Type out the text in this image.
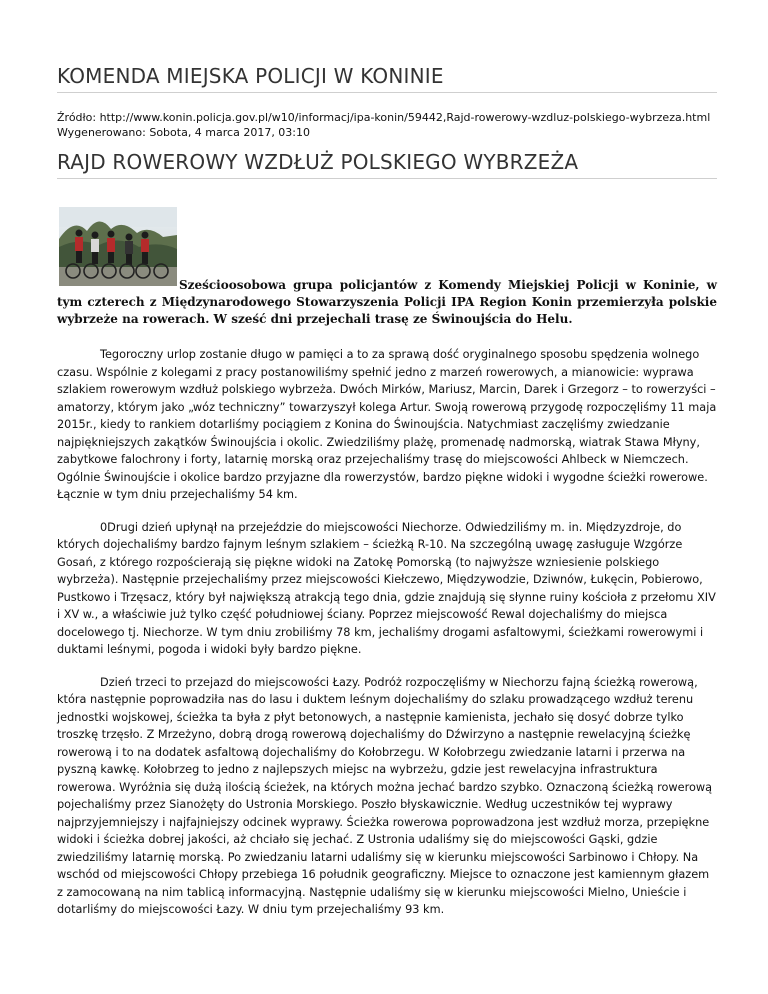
KOMENDA MIEJSKA POLICJI W KONINIE
Źródło: http://www.konin.policja.gov.pl/w10/informacj/ipa-konin/59442,Rajd-rowerowy-wzdluz-polskiego-wybrzeza.html
Wygenerowano: Sobota, 4 marca 2017, 03:10
RAJD ROWEROWY WZDŁUŻ POLSKIEGO WYBRZEŻA

Sześcioosobowa grupa policjantów z Komendy Miejskiej Policji w Koninie, w tym czterech z Międzynarodowego Stowarzyszenia Policji IPA Region Konin przemierzyła polskie wybrzeże na rowerach. W sześć dni przejechali trasę ze Świnoujścia do Helu.

Tegoroczny urlop zostanie długo w pamięci a to za sprawą dość oryginalnego sposobu spędzenia wolnego czasu. Wspólnie z kolegami z pracy postanowiliśmy spełnić jedno z marzeń rowerowych, a mianowicie: wyprawa szlakiem rowerowym wzdłuż polskiego wybrzeża. Dwóch Mirków, Mariusz, Marcin, Darek i Grzegorz – to rowerzyści – amatorzy, którym jako „wóz techniczny” towarzyszył kolega Artur. Swoją rowerową przygodę rozpoczęliśmy 11 maja 2015r., kiedy to rankiem dotarliśmy pociągiem z Konina do Świnoujścia. Natychmiast zaczęliśmy zwiedzanie najpiękniejszych zakątków Świnoujścia i okolic. Zwiedziliśmy plażę, promenadę nadmorską, wiatrak Stawa Młyny, zabytkowe falochrony i forty, latarnię morską oraz przejechaliśmy trasę do miejscowości Ahlbeck w Niemczech. Ogólnie Świnoujście i okolice bardzo przyjazne dla rowerzystów, bardzo piękne widoki i wygodne ścieżki rowerowe. Łącznie w tym dniu przejechaliśmy 54 km.

0Drugi dzień upłynął na przejeździe do miejscowości Niechorze. Odwiedziliśmy m. in. Międzyzdroje, do których dojechaliśmy bardzo fajnym leśnym szlakiem – ścieżką R-10. Na szczególną uwagę zasługuje Wzgórze Gosań, z którego rozpościerają się piękne widoki na Zatokę Pomorską (to najwyższe wzniesienie polskiego wybrzeża). Następnie przejechaliśmy przez miejscowości Kiełczewo, Międzywodzie, Dziwnów, Łukęcin, Pobierowo, Pustkowo i Trzęsacz, który był największą atrakcją tego dnia, gdzie znajdują się słynne ruiny kościoła z przełomu XIV i XV w., a właściwie już tylko część południowej ściany. Poprzez miejscowość Rewal dojechaliśmy do miejsca docelowego tj. Niechorze. W tym dniu zrobiliśmy 78 km, jechaliśmy drogami asfaltowymi, ścieżkami rowerowymi i duktami leśnymi, pogoda i widoki były bardzo piękne.

Dzień trzeci to przejazd do miejscowości Łazy. Podróż rozpoczęliśmy w Niechorzu fajną ścieżką rowerową, która następnie poprowadziła nas do lasu i duktem leśnym dojechaliśmy do szlaku prowadzącego wzdłuż terenu jednostki wojskowej, ścieżka ta była z płyt betonowych, a następnie kamienista, jechało się dosyć dobrze tylko troszkę trzęsło. Z Mrzeżyno, dobrą drogą rowerową dojechaliśmy do Dźwirzyno a następnie rewelacyjną ścieżkę rowerową i to na dodatek asfaltową dojechaliśmy do Kołobrzegu. W Kołobrzegu zwiedzanie latarni i przerwa na pyszną kawkę. Kołobrzeg to jedno z najlepszych miejsc na wybrzeżu, gdzie jest rewelacyjna infrastruktura rowerowa. Wyróżnia się dużą ilością ścieżek, na których można jechać bardzo szybko. Oznaczoną ścieżką rowerową pojechaliśmy przez Sianożęty do Ustronia Morskiego. Poszło błyskawicznie. Według uczestników tej wyprawy najprzyjemniejszy i najfajniejszy odcinek wyprawy. Ścieżka rowerowa poprowadzona jest wzdłuż morza, przepiękne widoki i ścieżka dobrej jakości, aż chciało się jechać. Z Ustronia udaliśmy się do miejscowości Gąski, gdzie zwiedziliśmy latarnię morską. Po zwiedzaniu latarni udaliśmy się w kierunku miejscowości Sarbinowo i Chłopy. Na wschód od miejscowości Chłopy przebiega 16 południk geograficzny. Miejsce to oznaczone jest kamiennym głazem z zamocowaną na nim tablicą informacyjną. Następnie udaliśmy się w kierunku miejscowości Mielno, Unieście i dotarliśmy do miejscowości Łazy. W dniu tym przejechaliśmy 93 km.
